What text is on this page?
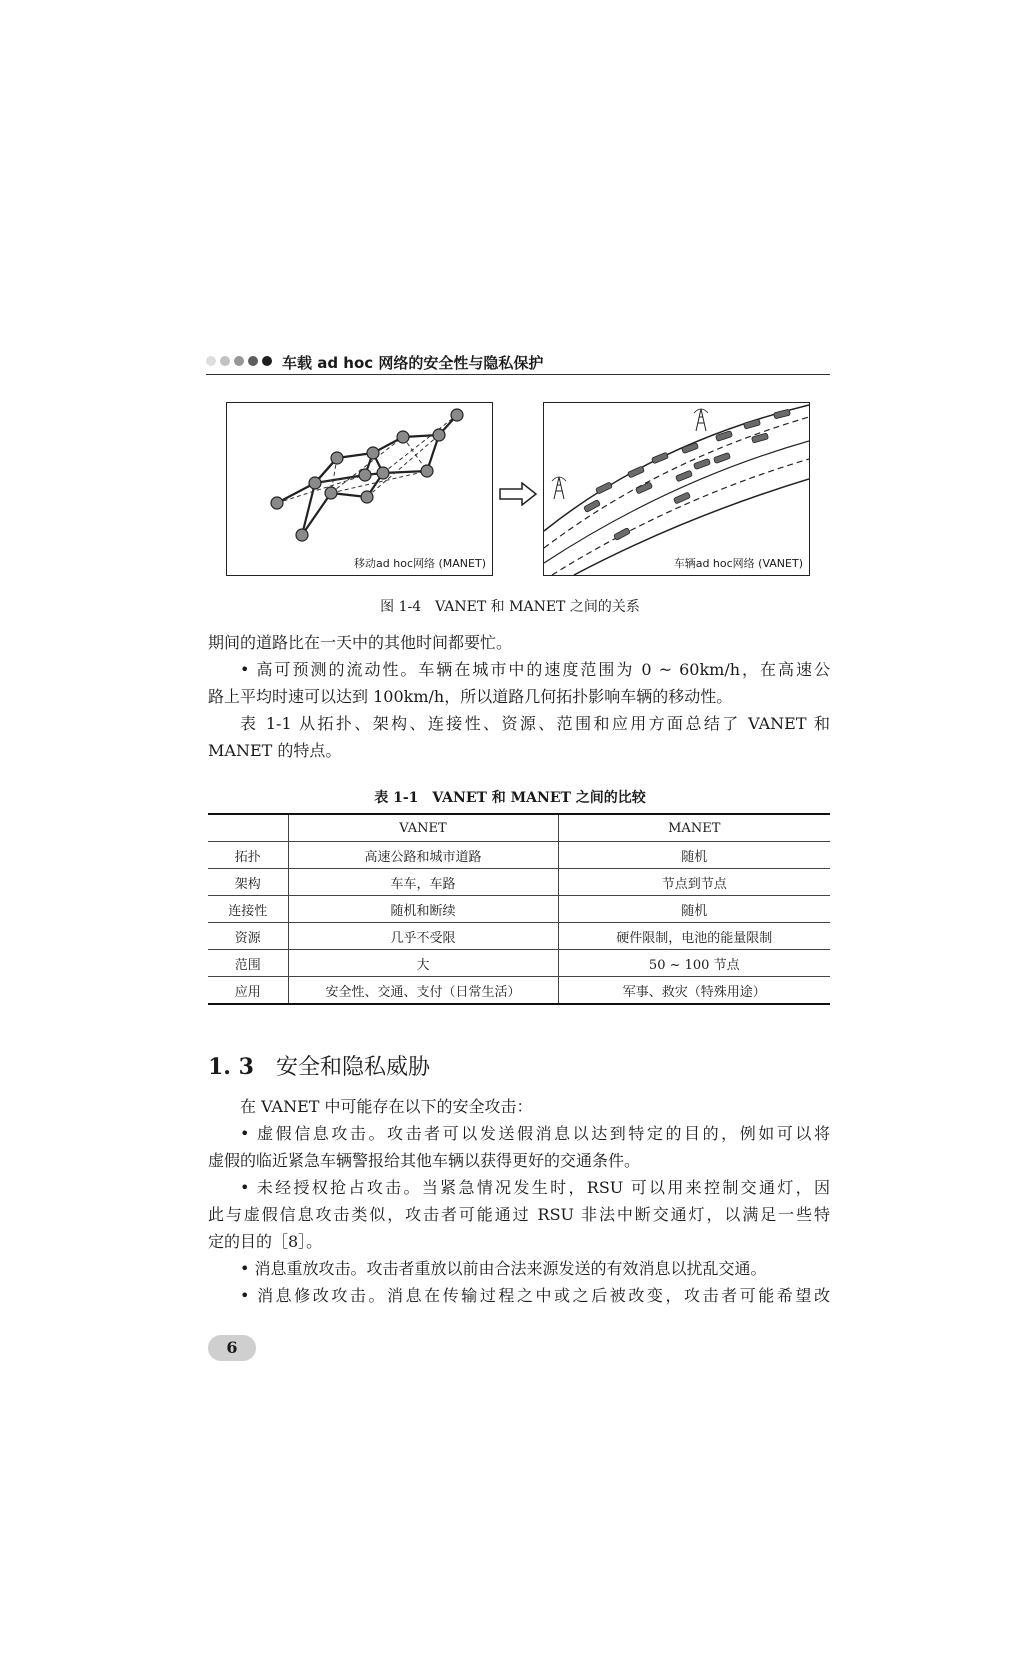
车载 ad hoc 网络的安全性与隐私保护
移动ad hoc网络 (MANET)	车辆ad hoc网络 (VANET)
图 1-4　VANET 和 MANET 之间的关系
期间的道路比在一天中的其他时间都要忙。
• 高可预测的流动性。车辆在城市中的速度范围为 0 ~ 60km/h，在高速公
路上平均时速可以达到 100km/h，所以道路几何拓扑影响车辆的移动性。
表 1-1 从拓扑、架构、连接性、资源、范围和应用方面总结了 VANET 和
MANET 的特点。
表 1-1　VANET 和 MANET 之间的比较
	VANET	MANET
拓扑	高速公路和城市道路	随机
架构	车车，车路	节点到节点
连接性	随机和断续	随机
资源	几乎不受限	硬件限制，电池的能量限制
范围	大	50 ~ 100 节点
应用	安全性、交通、支付（日常生活）	军事、救灾（特殊用途）
1. 3 安全和隐私威胁
在 VANET 中可能存在以下的安全攻击：
• 虚假信息攻击。攻击者可以发送假消息以达到特定的目的，例如可以将
虚假的临近紧急车辆警报给其他车辆以获得更好的交通条件。
• 未经授权抢占攻击。当紧急情况发生时，RSU 可以用来控制交通灯，因
此与虚假信息攻击类似，攻击者可能通过 RSU 非法中断交通灯，以满足一些特
定的目的［8］。
• 消息重放攻击。攻击者重放以前由合法来源发送的有效消息以扰乱交通。
• 消息修改攻击。消息在传输过程之中或之后被改变，攻击者可能希望改
6
